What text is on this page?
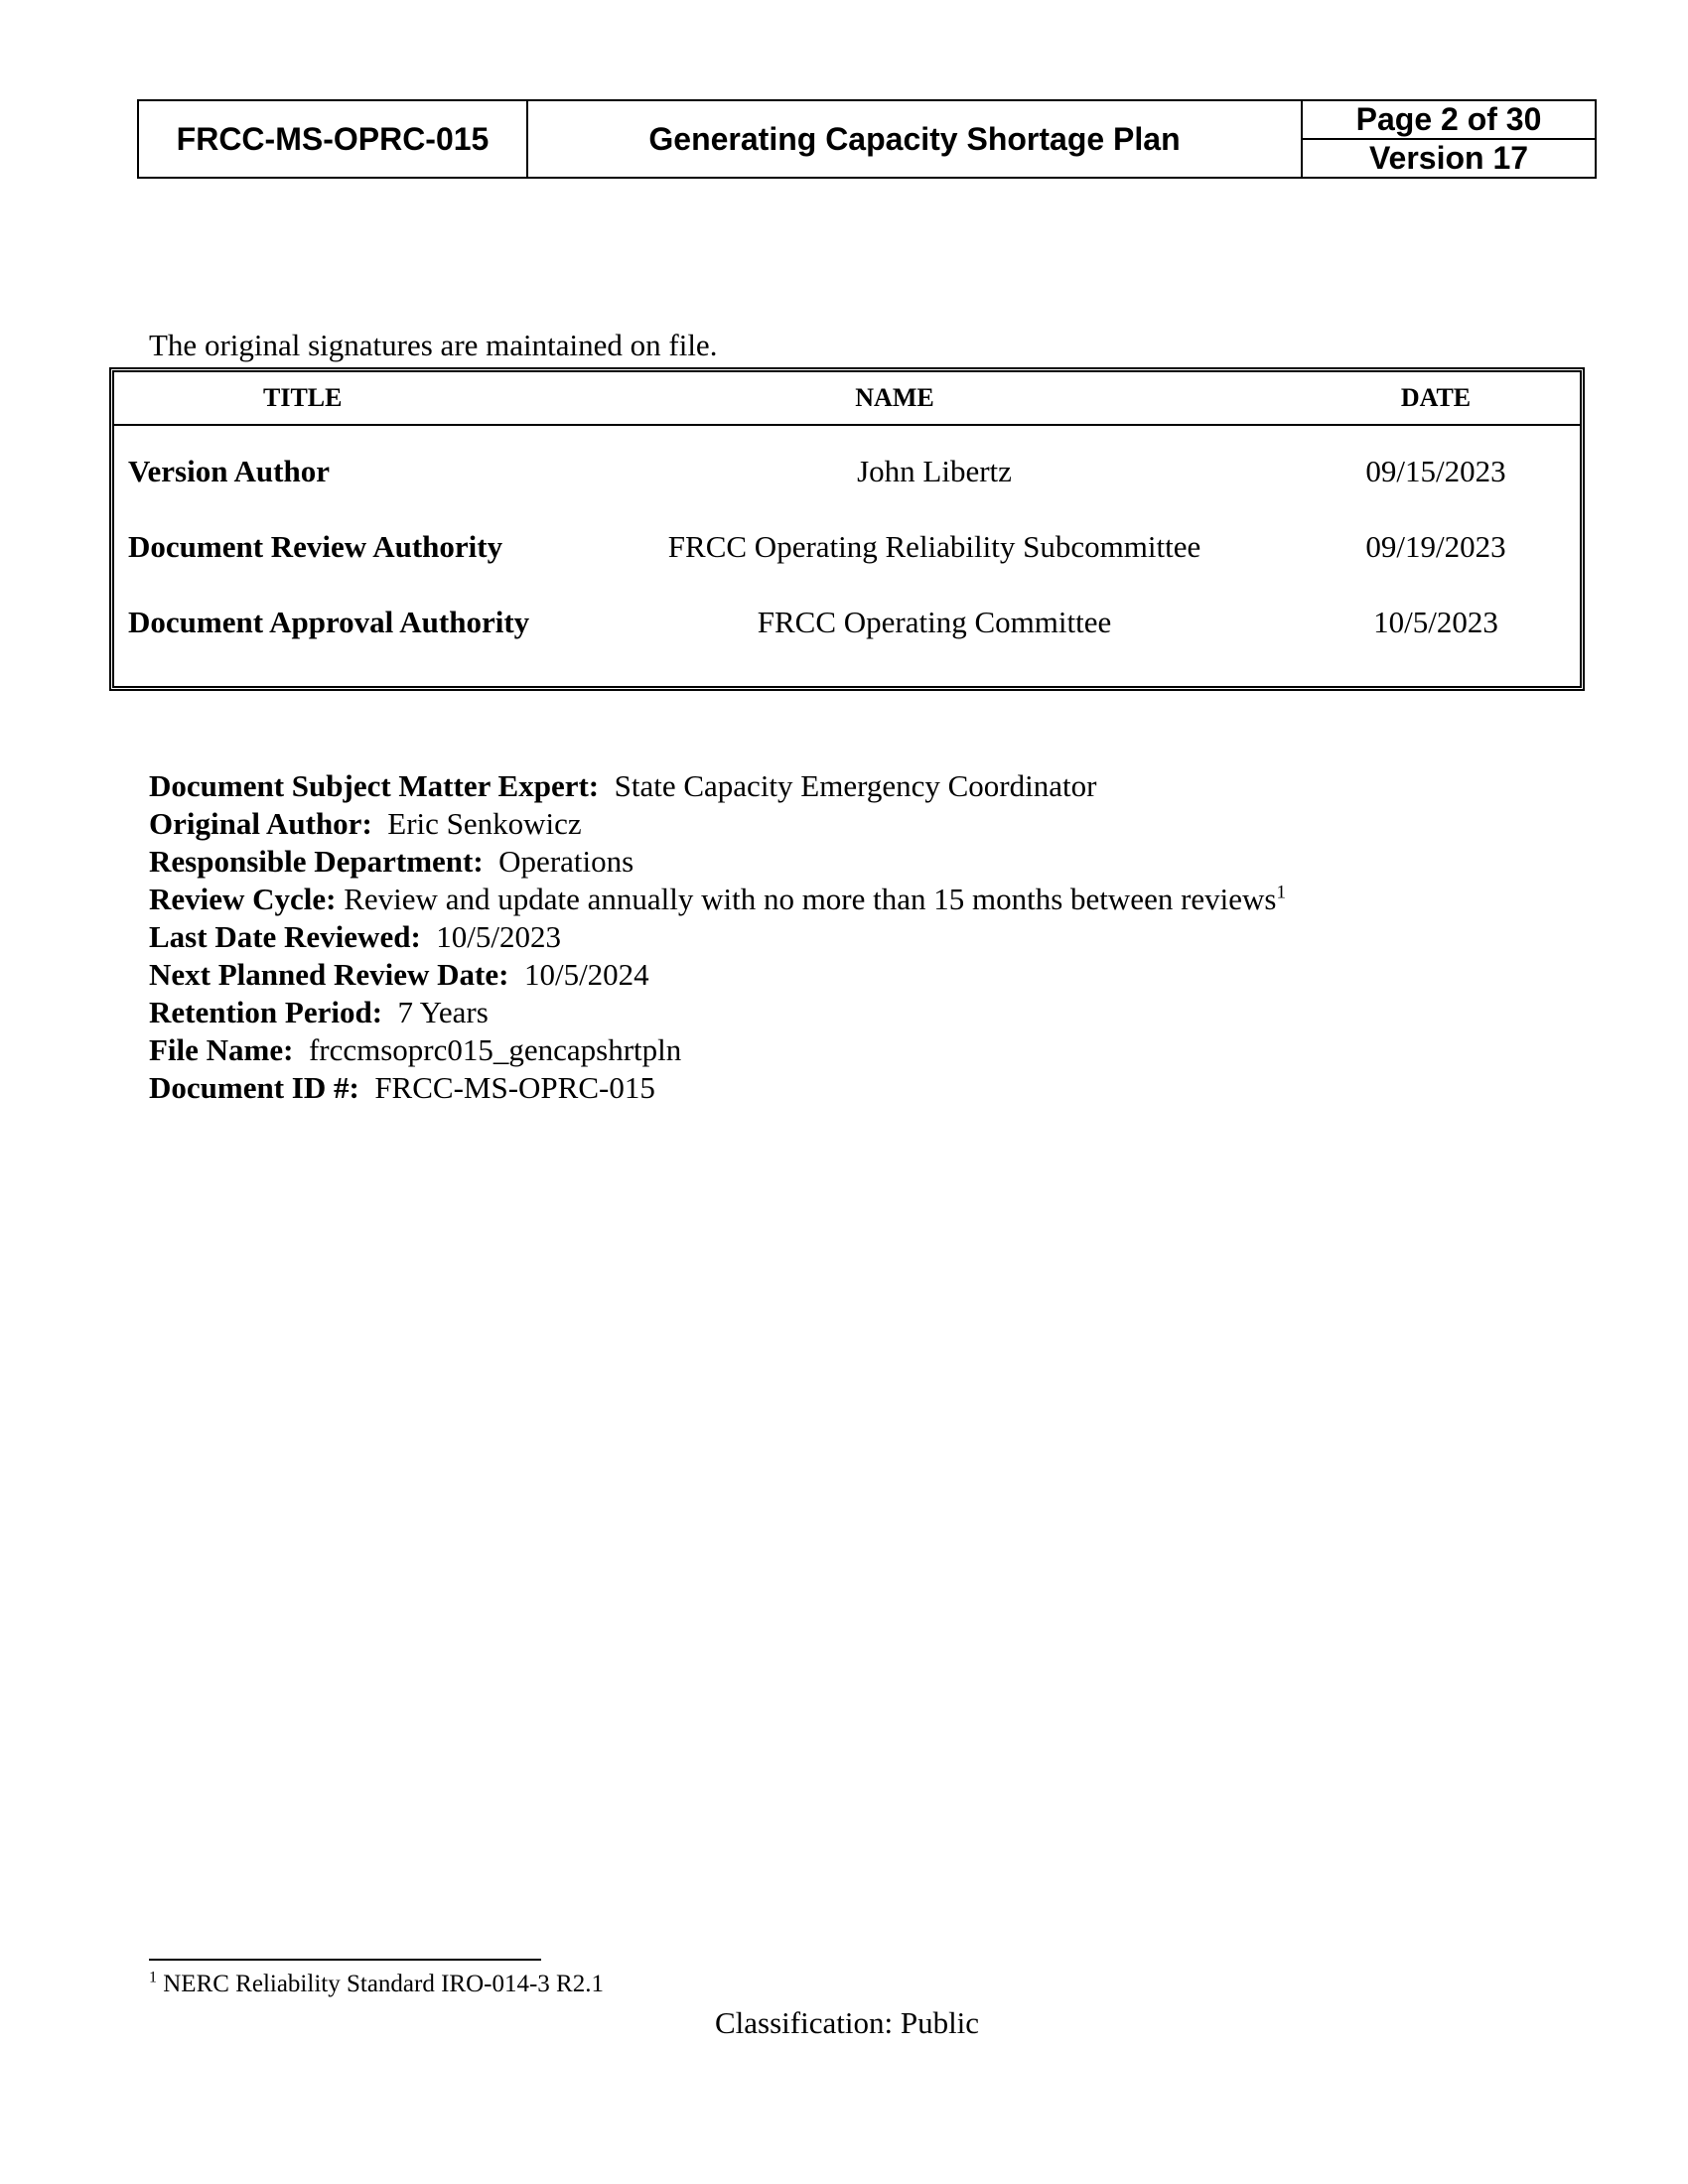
FRCC-MS-OPRC-015	Generating Capacity Shortage Plan
Page 2 of 30
Version 17
The original signatures are maintained on file.
TITLE	NAME	DATE
Version Author	John Libertz	09/15/2023
Document Review Authority	FRCC Operating Reliability Subcommittee	09/19/2023
Document Approval Authority	FRCC Operating Committee	10/5/2023
Document Subject Matter Expert: State Capacity Emergency Coordinator
Original Author: Eric Senkowicz
Responsible Department: Operations
Review Cycle: Review and update annually with no more than 15 months between reviews$^1$
Last Date Reviewed: 10/5/2023
Next Planned Review Date: 10/5/2024
Retention Period: 7 Years
File Name: frccmsoprc015_gencapshrtpln
Document ID #: FRCC-MS-OPRC-015
$^1$ NERC Reliability Standard IRO-014-3 R2.1
Classification: Public
